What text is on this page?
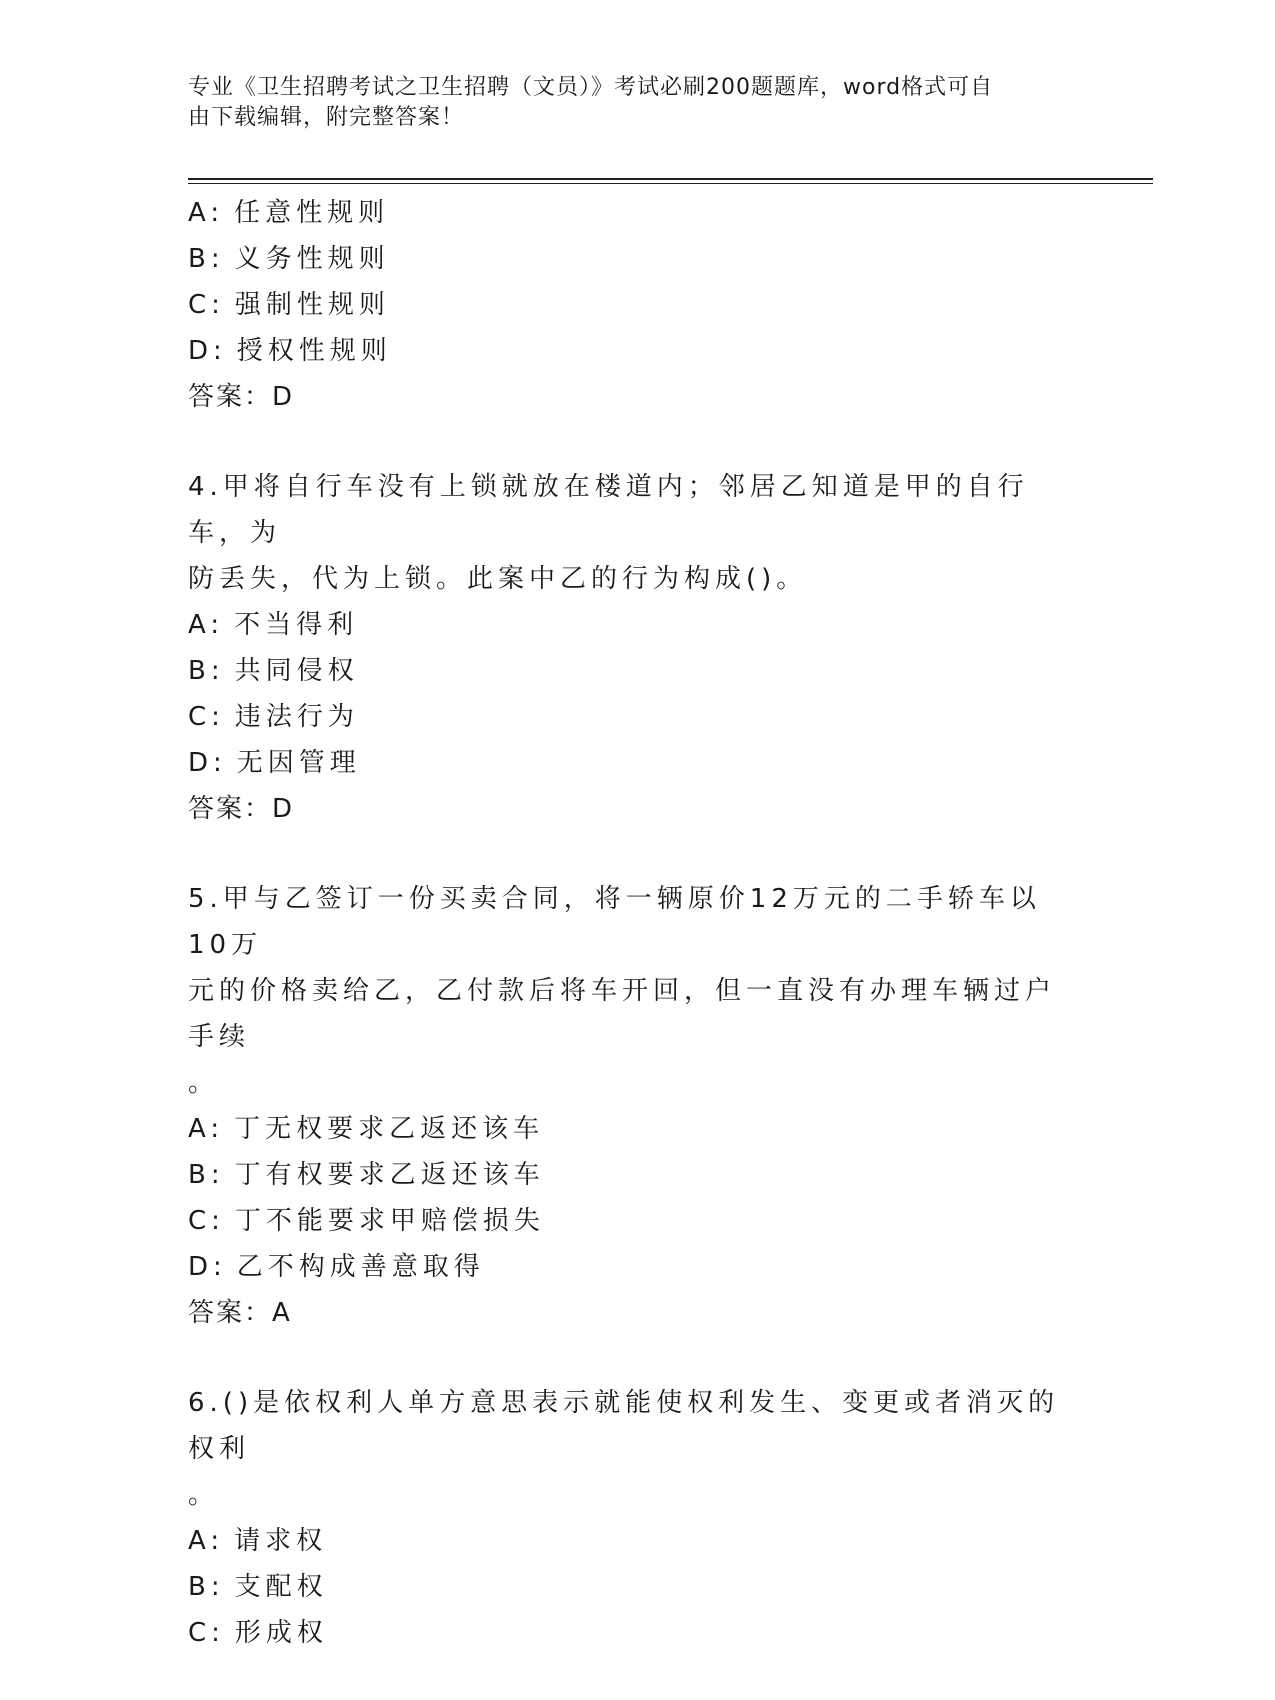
专业《卫生招聘考试之卫生招聘（文员）》考试必刷200题题库，word格式可自
由下载编辑，附完整答案！
A: 任意性规则
B: 义务性规则
C: 强制性规则
D: 授权性规则
答案：D
4.甲将自行车没有上锁就放在楼道内；邻居乙知道是甲的自行车，为
防丢失，代为上锁。此案中乙的行为构成()。
A: 不当得利
B: 共同侵权
C: 违法行为
D: 无因管理
答案：D
5.甲与乙签订一份买卖合同，将一辆原价12万元的二手轿车以10万
元的价格卖给乙，乙付款后将车开回，但一直没有办理车辆过户手续
。
A: 丁无权要求乙返还该车
B: 丁有权要求乙返还该车
C: 丁不能要求甲赔偿损失
D: 乙不构成善意取得
答案：A
6.()是依权利人单方意思表示就能使权利发生、变更或者消灭的权利
。
A: 请求权
B: 支配权
C: 形成权
